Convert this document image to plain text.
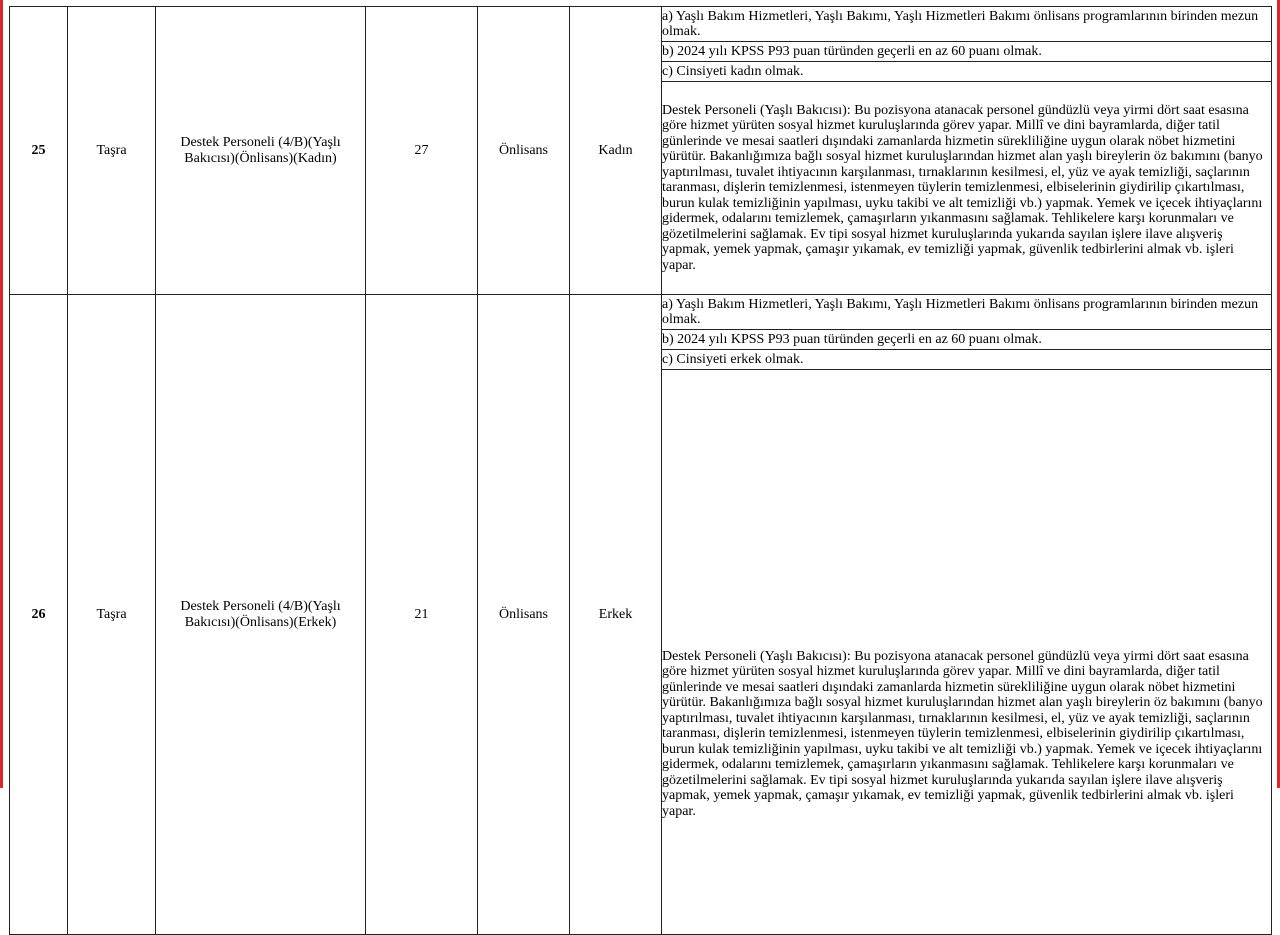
25	Taşra	Destek Personeli (4/B)(Yaşlı Bakıcısı)(Önlisans)(Kadın)	27	Önlisans	Kadın	a) Yaşlı Bakım Hizmetleri, Yaşlı Bakımı, Yaşlı Hizmetleri Bakımı önlisans programlarının birinden mezun olmak.
						b) 2024 yılı KPSS P93 puan türünden geçerli en az 60 puanı olmak.
						c) Cinsiyeti kadın olmak.
						Destek Personeli (Yaşlı Bakıcısı): Bu pozisyona atanacak personel gündüzlü veya yirmi dört saat esasına göre hizmet yürüten sosyal hizmet kuruluşlarında görev yapar. Millî ve dini bayramlarda, diğer tatil günlerinde ve mesai saatleri dışındaki zamanlarda hizmetin sürekliliğine uygun olarak nöbet hizmetini yürütür. Bakanlığımıza bağlı sosyal hizmet kuruluşlarından hizmet alan yaşlı bireylerin öz bakımını (banyo yaptırılması, tuvalet ihtiyacının karşılanması, tırnaklarının kesilmesi, el, yüz ve ayak temizliği, saçlarının taranması, dişlerin temizlenmesi, istenmeyen tüylerin temizlenmesi, elbiselerinin giydirilip çıkartılması, burun kulak temizliğinin yapılması, uyku takibi ve alt temizliği vb.) yapmak. Yemek ve içecek ihtiyaçlarını gidermek, odalarını temizlemek, çamaşırların yıkanmasını sağlamak. Tehlikelere karşı korunmaları ve gözetilmelerini sağlamak. Ev tipi sosyal hizmet kuruluşlarında yukarıda sayılan işlere ilave alışveriş yapmak, yemek yapmak, çamaşır yıkamak, ev temizliği yapmak, güvenlik tedbirlerini almak vb. işleri yapar.
26	Taşra	Destek Personeli (4/B)(Yaşlı Bakıcısı)(Önlisans)(Erkek)	21	Önlisans	Erkek	a) Yaşlı Bakım Hizmetleri, Yaşlı Bakımı, Yaşlı Hizmetleri Bakımı önlisans programlarının birinden mezun olmak.
						b) 2024 yılı KPSS P93 puan türünden geçerli en az 60 puanı olmak.
						c) Cinsiyeti erkek olmak.
						Destek Personeli (Yaşlı Bakıcısı): Bu pozisyona atanacak personel gündüzlü veya yirmi dört saat esasına göre hizmet yürüten sosyal hizmet kuruluşlarında görev yapar. Millî ve dini bayramlarda, diğer tatil günlerinde ve mesai saatleri dışındaki zamanlarda hizmetin sürekliliğine uygun olarak nöbet hizmetini yürütür. Bakanlığımıza bağlı sosyal hizmet kuruluşlarından hizmet alan yaşlı bireylerin öz bakımını (banyo yaptırılması, tuvalet ihtiyacının karşılanması, tırnaklarının kesilmesi, el, yüz ve ayak temizliği, saçlarının taranması, dişlerin temizlenmesi, istenmeyen tüylerin temizlenmesi, elbiselerinin giydirilip çıkartılması, burun kulak temizliğinin yapılması, uyku takibi ve alt temizliği vb.) yapmak. Yemek ve içecek ihtiyaçlarını gidermek, odalarını temizlemek, çamaşırların yıkanmasını sağlamak. Tehlikelere karşı korunmaları ve gözetilmelerini sağlamak. Ev tipi sosyal hizmet kuruluşlarında yukarıda sayılan işlere ilave alışveriş yapmak, yemek yapmak, çamaşır yıkamak, ev temizliği yapmak, güvenlik tedbirlerini almak vb. işleri yapar.
